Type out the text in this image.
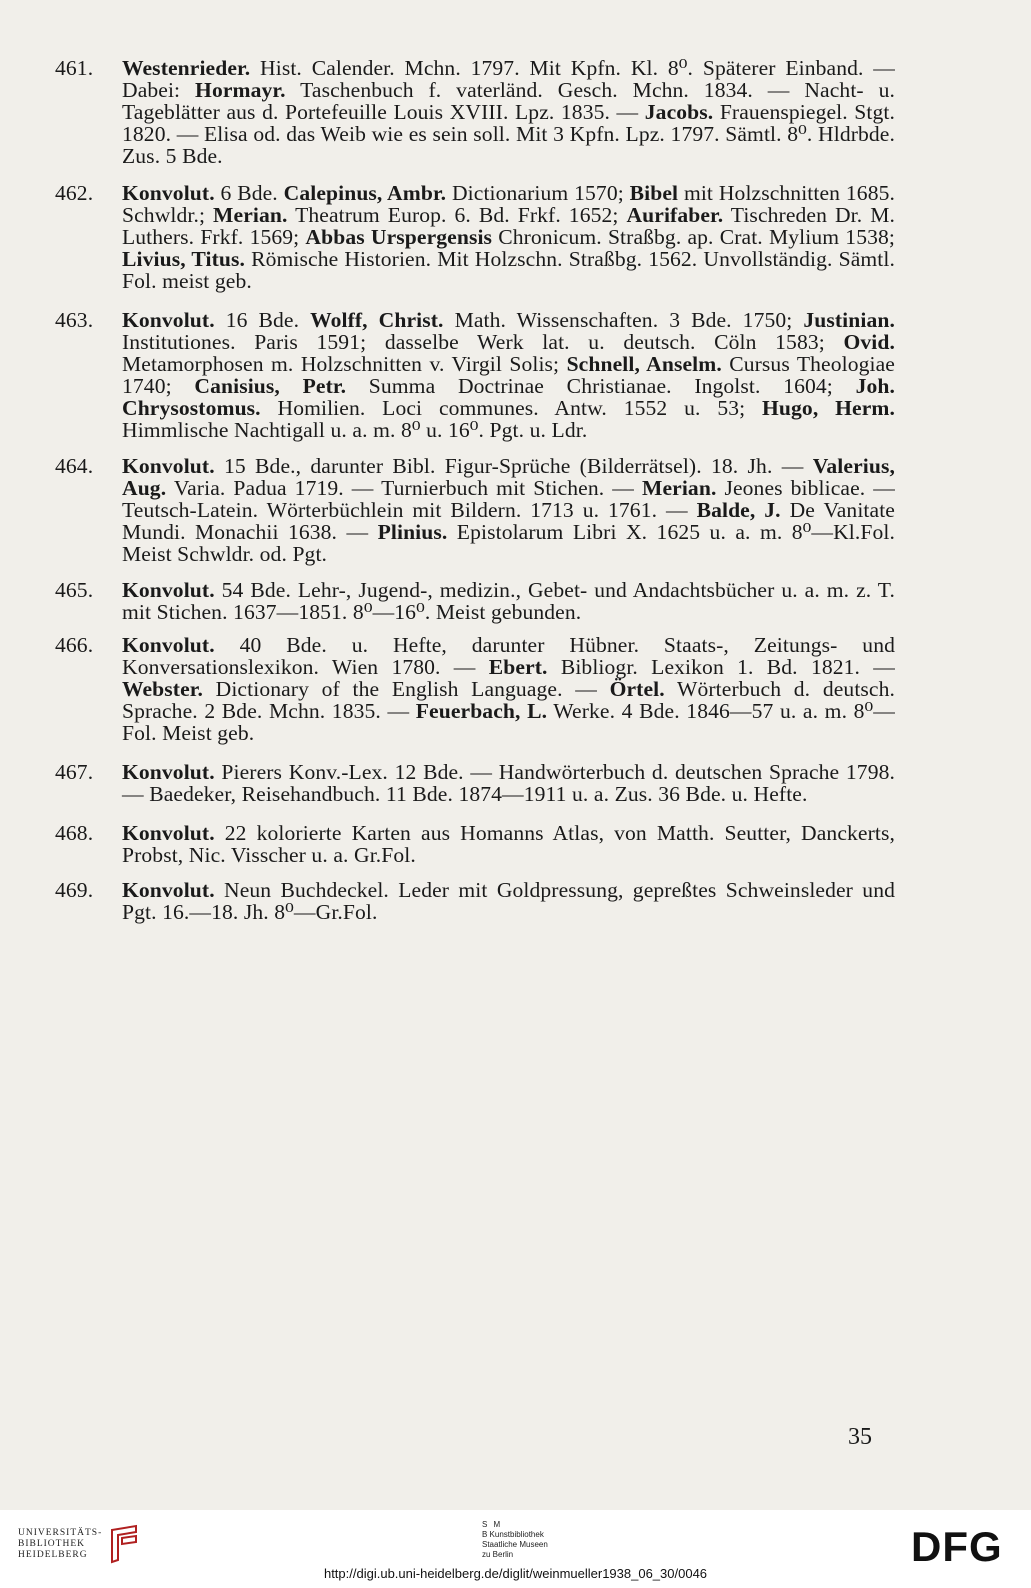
461.	Westenrieder. Hist. Calender. Mchn. 1797. Mit Kpfn. Kl. 8⁰. Späterer Einband. — Dabei: Hormayr. Taschenbuch f. vaterländ. Gesch. Mchn. 1834. — Nacht- u. Tageblätter aus d. Portefeuille Louis XVIII. Lpz. 1835. — Jacobs. Frauenspiegel. Stgt. 1820. — Elisa od. das Weib wie es sein soll. Mit 3 Kpfn. Lpz. 1797. Sämtl. 8⁰. Hldrbde. Zus. 5 Bde.
462.	Konvolut. 6 Bde. Calepinus, Ambr. Dictionarium 1570; Bibel mit Holzschnitten 1685. Schwldr.; Merian. Theatrum Europ. 6. Bd. Frkf. 1652; Aurifaber. Tischreden Dr. M. Luthers. Frkf. 1569; Abbas Urspergensis Chronicum. Straßbg. ap. Crat. Mylium 1538; Livius, Titus. Römische Historien. Mit Holzschn. Straßbg. 1562. Unvollständig. Sämtl. Fol. meist geb.
463.	Konvolut. 16 Bde. Wolff, Christ. Math. Wissenschaften. 3 Bde. 1750; Justinian. Institutiones. Paris 1591; dasselbe Werk lat. u. deutsch. Cöln 1583; Ovid. Metamorphosen m. Holzschnitten v. Virgil Solis; Schnell, Anselm. Cursus Theologiae 1740; Canisius, Petr. Summa Doctrinae Christianae. Ingolst. 1604; Joh. Chrysostomus. Homilien. Loci communes. Antw. 1552 u. 53; Hugo, Herm. Himmlische Nachtigall u. a. m. 8⁰ u. 16⁰. Pgt. u. Ldr.
464.	Konvolut. 15 Bde., darunter Bibl. Figur-Sprüche (Bilderrätsel). 18. Jh. — Valerius, Aug. Varia. Padua 1719. — Turnierbuch mit Stichen. — Merian. Jeones biblicae. — Teutsch-Latein. Wörterbüchlein mit Bildern. 1713 u. 1761. — Balde, J. De Vanitate Mundi. Monachii 1638. — Plinius. Epistolarum Libri X. 1625 u. a. m. 8⁰—Kl.Fol. Meist Schwldr. od. Pgt.
465.	Konvolut. 54 Bde. Lehr-, Jugend-, medizin., Gebet- und Andachtsbücher u. a. m. z. T. mit Stichen. 1637—1851. 8⁰—16⁰. Meist gebunden.
466.	Konvolut. 40 Bde. u. Hefte, darunter Hübner. Staats-, Zeitungs- und Konversationslexikon. Wien 1780. — Ebert. Bibliogr. Lexikon 1. Bd. 1821. — Webster. Dictionary of the English Language. — Örtel. Wörterbuch d. deutsch. Sprache. 2 Bde. Mchn. 1835. — Feuerbach, L. Werke. 4 Bde. 1846—57 u. a. m. 8⁰—Fol. Meist geb.
467.	Konvolut. Pierers Konv.-Lex. 12 Bde. — Handwörterbuch d. deutschen Sprache 1798. — Baedeker, Reisehandbuch. 11 Bde. 1874—1911 u. a. Zus. 36 Bde. u. Hefte.
468.	Konvolut. 22 kolorierte Karten aus Homanns Atlas, von Matth. Seutter, Danckerts, Probst, Nic. Visscher u. a. Gr.Fol.
469.	Konvolut. Neun Buchdeckel. Leder mit Goldpressung, gepreßtes Schweinsleder und Pgt. 16.—18. Jh. 8⁰—Gr.Fol.
35
UNIVERSITÄTS-
BIBLIOTHEK
HEIDELBERG
S M
B Kunstbibliothek
Staatliche Museen
zu Berlin	DFG
http://digi.ub.uni-heidelberg.de/diglit/weinmueller1938_06_30/0046
